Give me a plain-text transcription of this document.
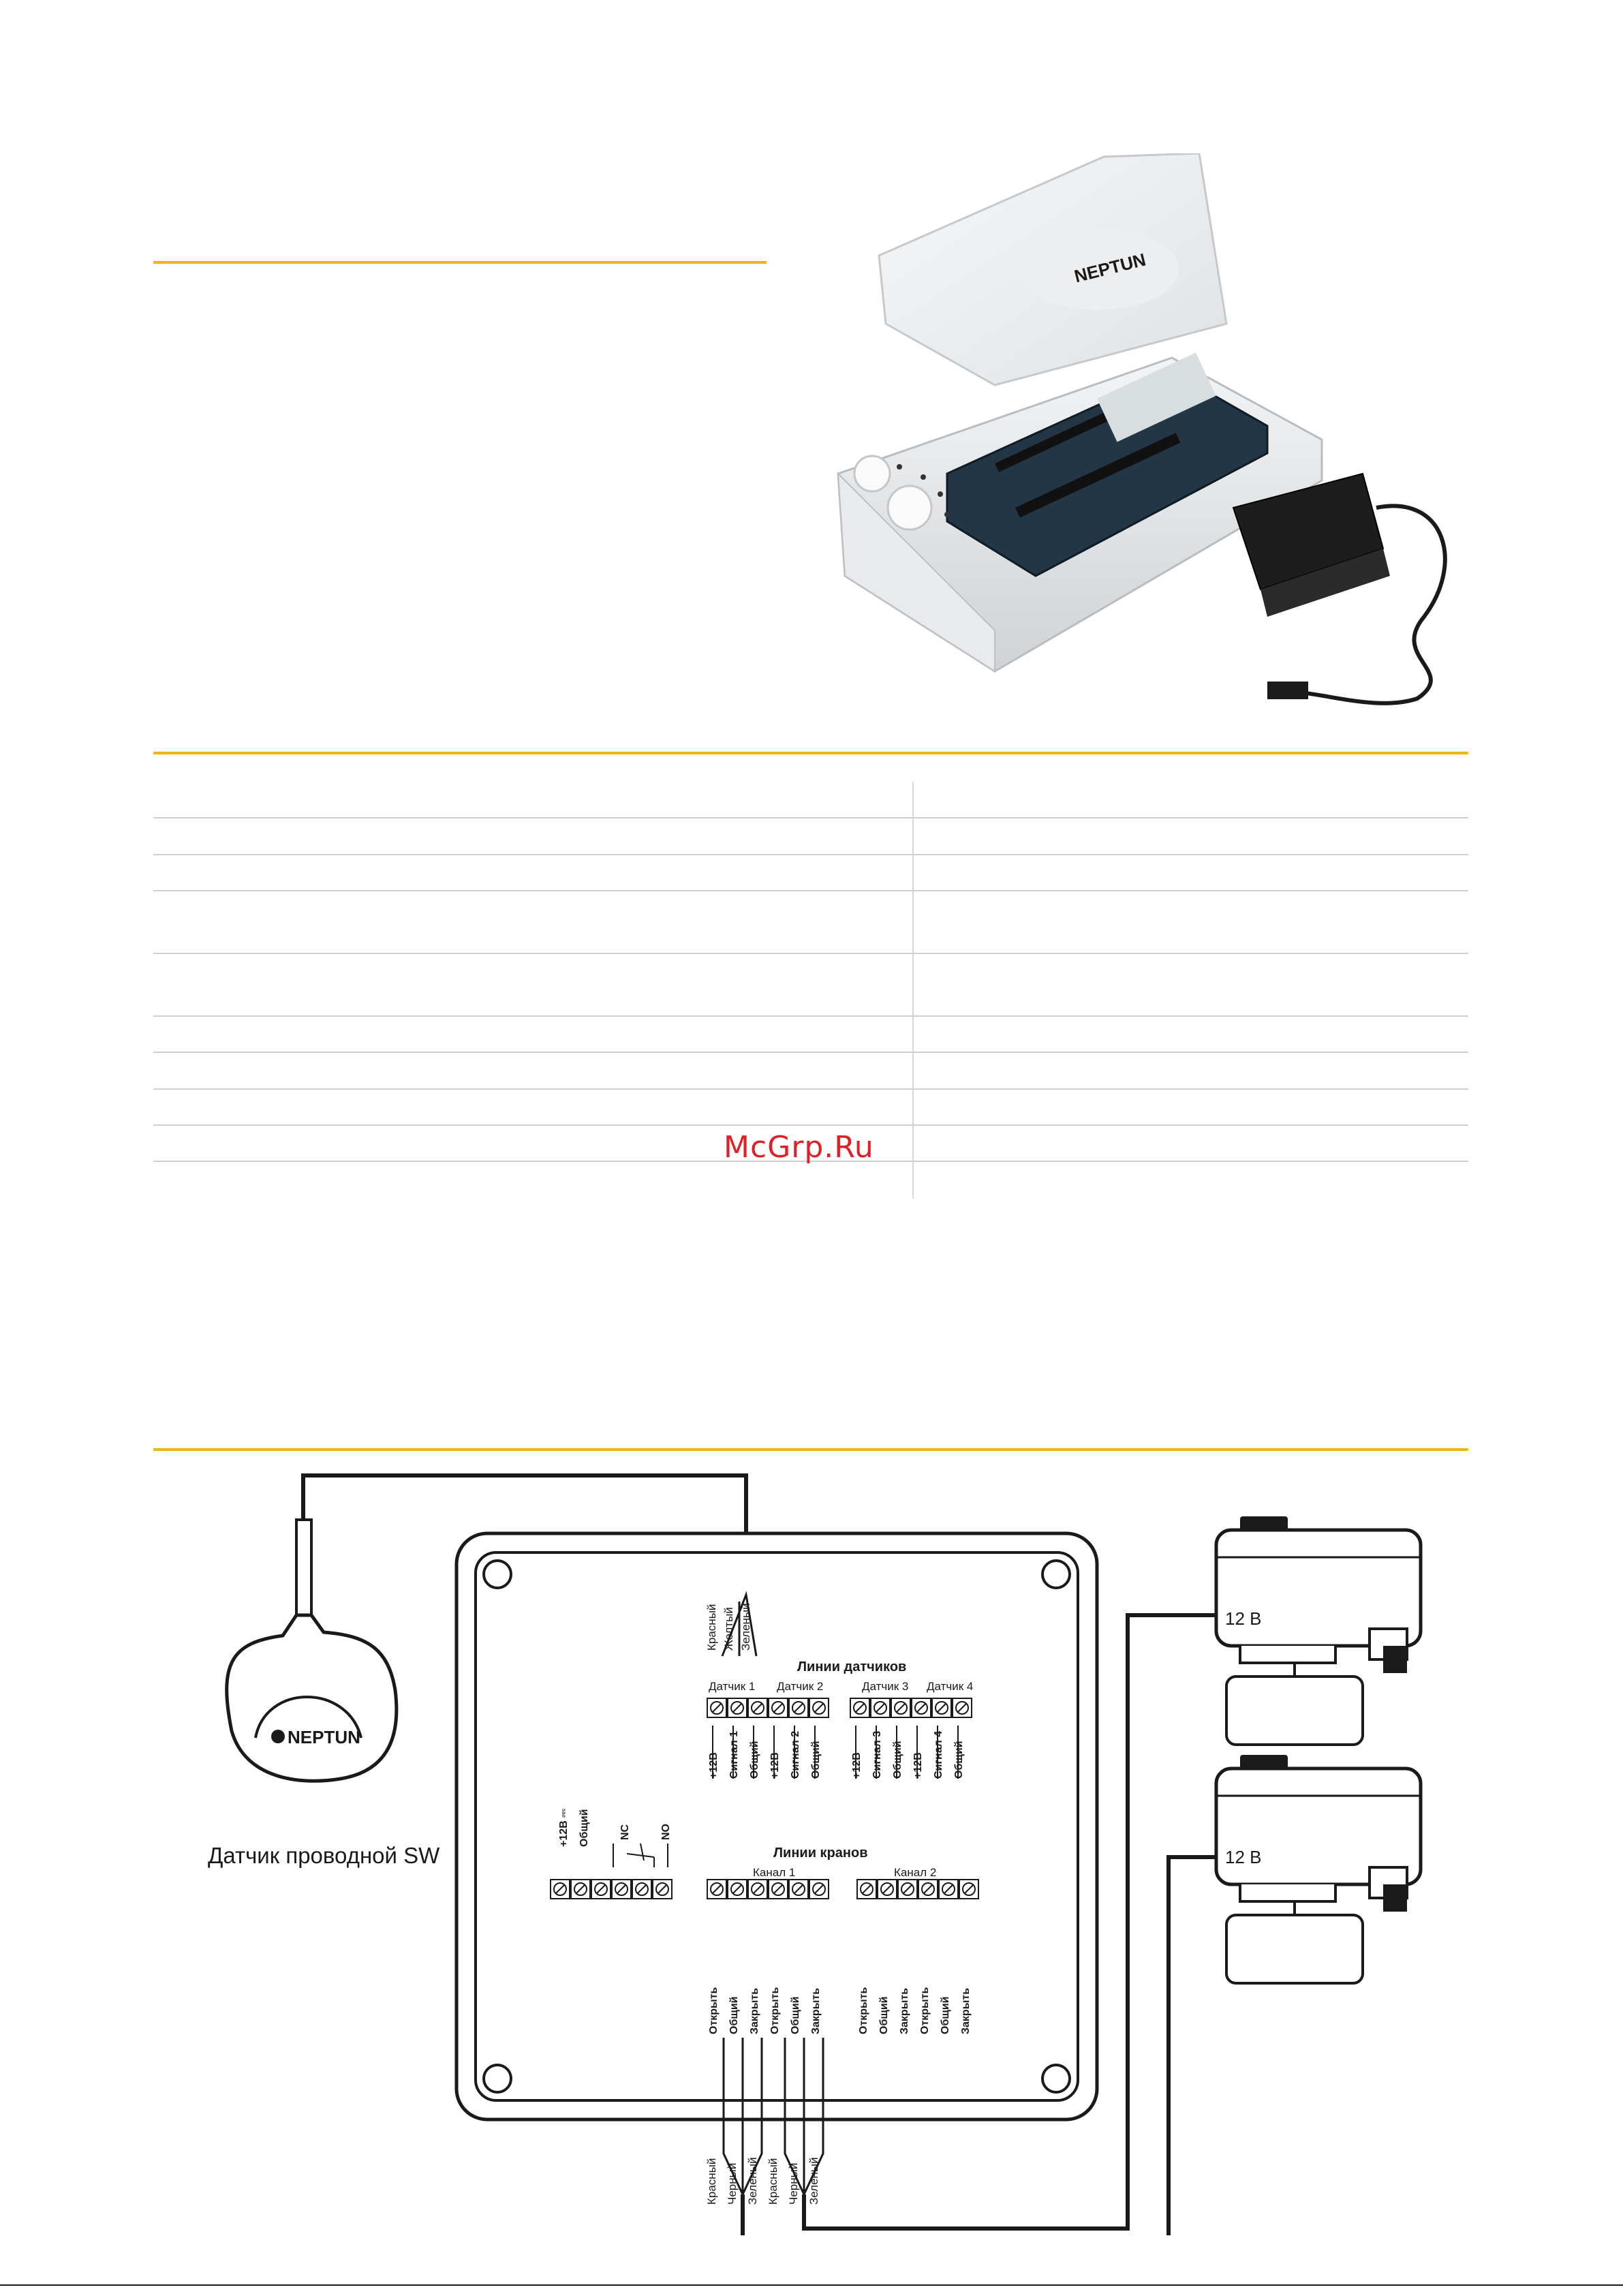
McGrp.Ru
NEPTUN
NEPTUN
Красный Желтый Зеленый
Линии датчиков
Датчик 1 Датчик 2	Датчик 3 Датчик 4
+12В Сигнал 1 Общий +12В Сигнал 2 Общий	+12В Сигнал 3 Общий +12В Сигнал 4 Общий
+12В ⎓ Общий	NC	NO
Линии кранов
Канал 1	Канал 2
Открыть Общий Закрыть Открыть Общий Закрыть	Открыть Общий Закрыть Открыть Общий Закрыть
Красный Черный Зеленый Красный Черный Зеленый
12 В
12 В
Датчик проводной SW
